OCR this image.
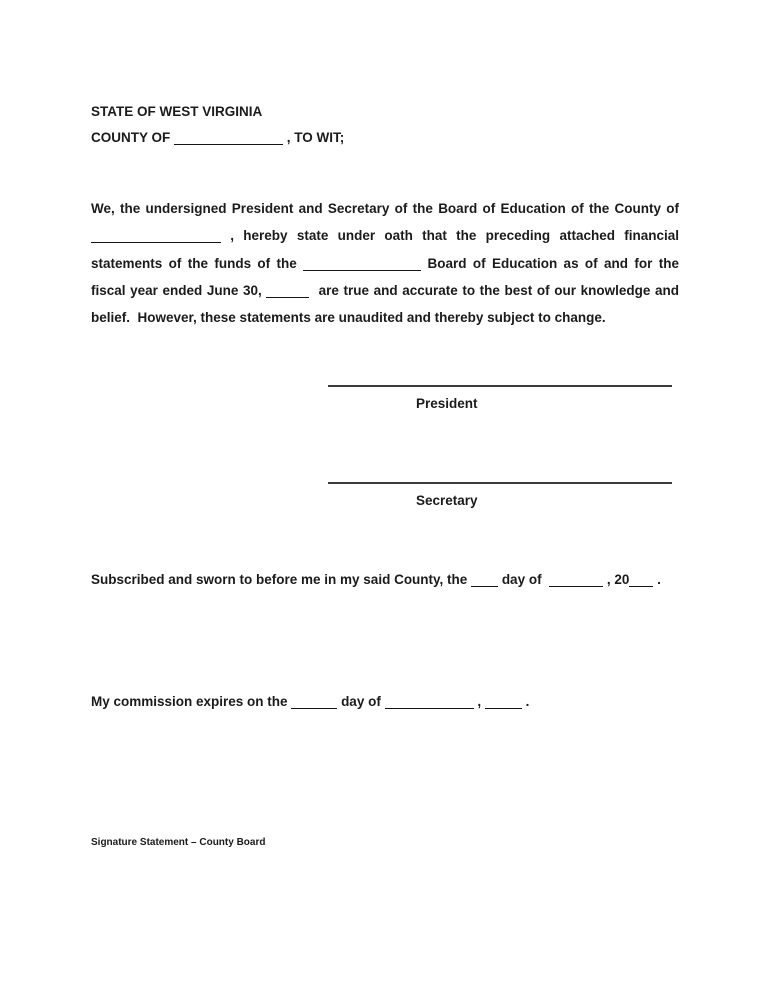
STATE OF WEST VIRGINIA
COUNTY OF	, TO WIT;

We, the undersigned President and Secretary of the Board of Education of the County of  , hereby state under oath that the preceding attached financial statements of the funds of the	Board of Education as of and for the fiscal year ended June 30,	are true and accurate to the best of our knowledge and belief.  However, these statements are unaudited and thereby subject to change.

President
Secretary

Subscribed and sworn to before me in my said County, the  day of	, 20 .

My commission expires on the	day of	,	.

Signature Statement – County Board
